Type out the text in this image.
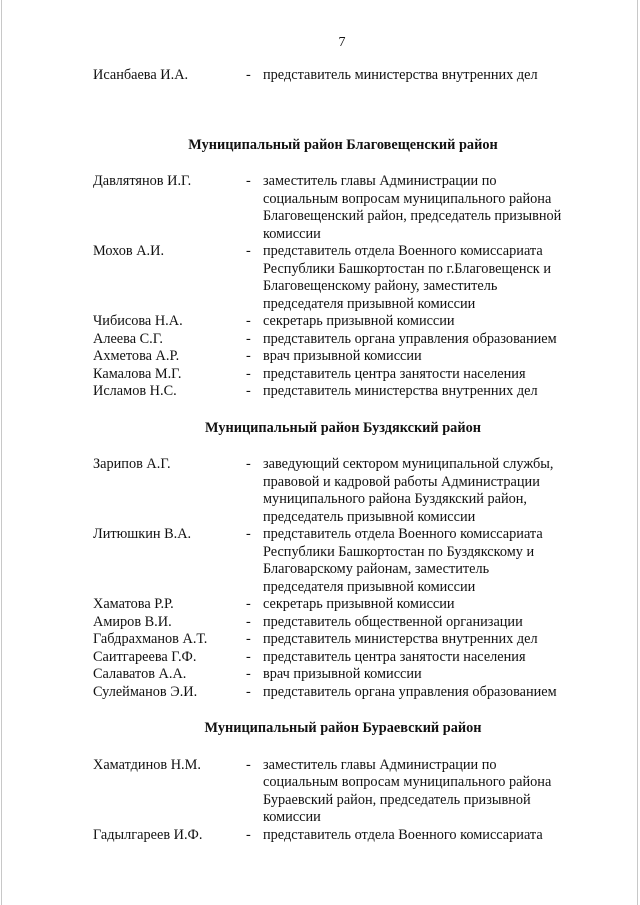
7
Исанбаева И.А.	- представитель министерства внутренних дел
Муниципальный район Благовещенский район
Давлятянов И.Г.	- заместитель главы Администрации по
социальным вопросам муниципального района
Благовещенский район, председатель призывной
комиссии
Мохов А.И.	- представитель отдела Военного комиссариата
Республики Башкортостан по г.Благовещенск и
Благовещенскому району, заместитель
председателя призывной комиссии
Чибисова Н.А.	- секретарь призывной комиссии
Алеева С.Г.	- представитель органа управления образованием
Ахметова А.Р.	- врач призывной комиссии
Камалова М.Г.	- представитель центра занятости населения
Исламов Н.С.	- представитель министерства внутренних дел
Муниципальный район Буздякский район
Зарипов А.Г.	- заведующий сектором муниципальной службы,
правовой и кадровой работы Администрации
муниципального района Буздякский район,
председатель призывной комиссии
Литюшкин В.А.	- представитель отдела Военного комиссариата
Республики Башкортостан по Буздякскому и
Благоварскому районам, заместитель
председателя призывной комиссии
Хаматова Р.Р.	- секретарь призывной комиссии
Амиров В.И.	- представитель общественной организации
Габдрахманов А.Т.	- представитель министерства внутренних дел
Саитгареева Г.Ф.	- представитель центра занятости населения
Салаватов А.А.	- врач призывной комиссии
Сулейманов Э.И.	- представитель органа управления образованием
Муниципальный район Бураевский район
Хаматдинов Н.М.	- заместитель главы Администрации по
социальным вопросам муниципального района
Бураевский район, председатель призывной
комиссии
Гадылгареев И.Ф.	- представитель отдела Военного комиссариата
